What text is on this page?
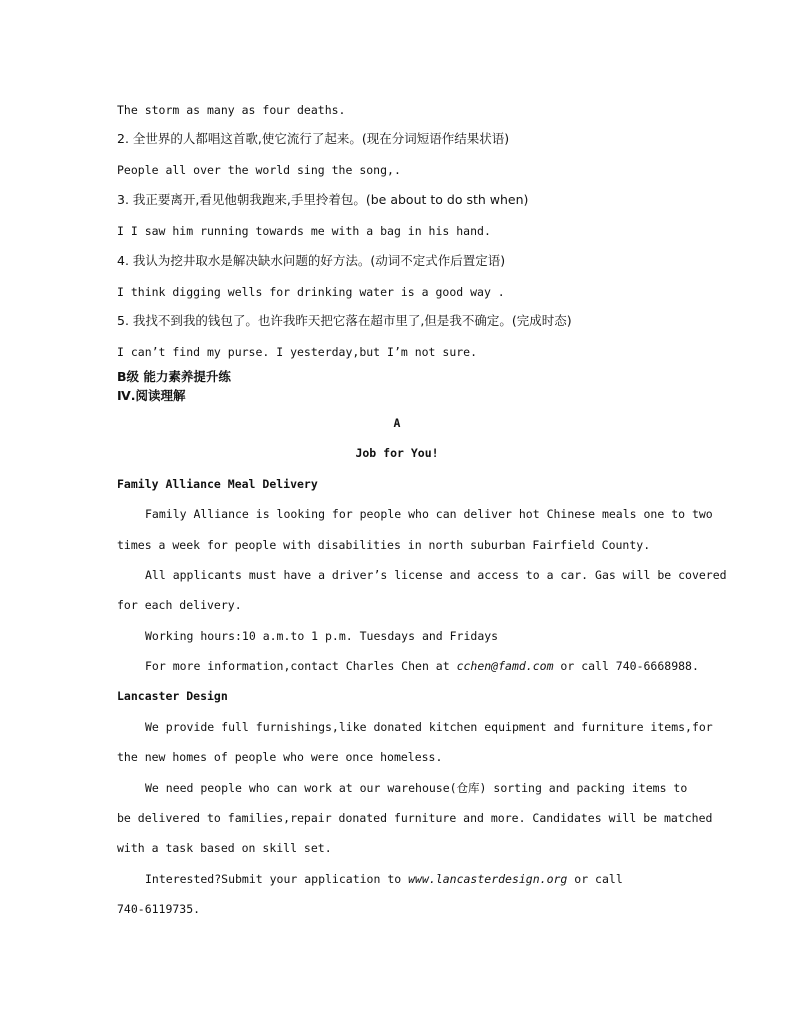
The storm as many as four deaths.
2. 全世界的人都唱这首歌,使它流行了起来。(现在分词短语作结果状语)
People all over the world sing the song,.
3. 我正要离开,看见他朝我跑来,手里拎着包。(be about to do sth when)
I I saw him running towards me with a bag in his hand.
4. 我认为挖井取水是解决缺水问题的好方法。(动词不定式作后置定语)
I think digging wells for drinking water is a good way .
5. 我找不到我的钱包了。也许我昨天把它落在超市里了,但是我不确定。(完成时态)
I can’t find my purse. I yesterday,but I’m not sure.
B级 能力素养提升练
Ⅳ.阅读理解
A
Job for You!
Family Alliance Meal Delivery
Family Alliance is looking for people who can deliver hot Chinese meals one to two
times a week for people with disabilities in north suburban Fairfield County.
All applicants must have a driver’s license and access to a car. Gas will be covered
for each delivery.
Working hours:10 a.m.to 1 p.m. Tuesdays and Fridays
For more information,contact Charles Chen at cchen@famd.com or call 740-6668988.
Lancaster Design
We provide full furnishings,like donated kitchen equipment and furniture items,for
the new homes of people who were once homeless.
We need people who can work at our warehouse(仓库) sorting and packing items to
be delivered to families,repair donated furniture and more. Candidates will be matched
with a task based on skill set.
Interested?Submit your application to www.lancasterdesign.org or call
740-6119735.
